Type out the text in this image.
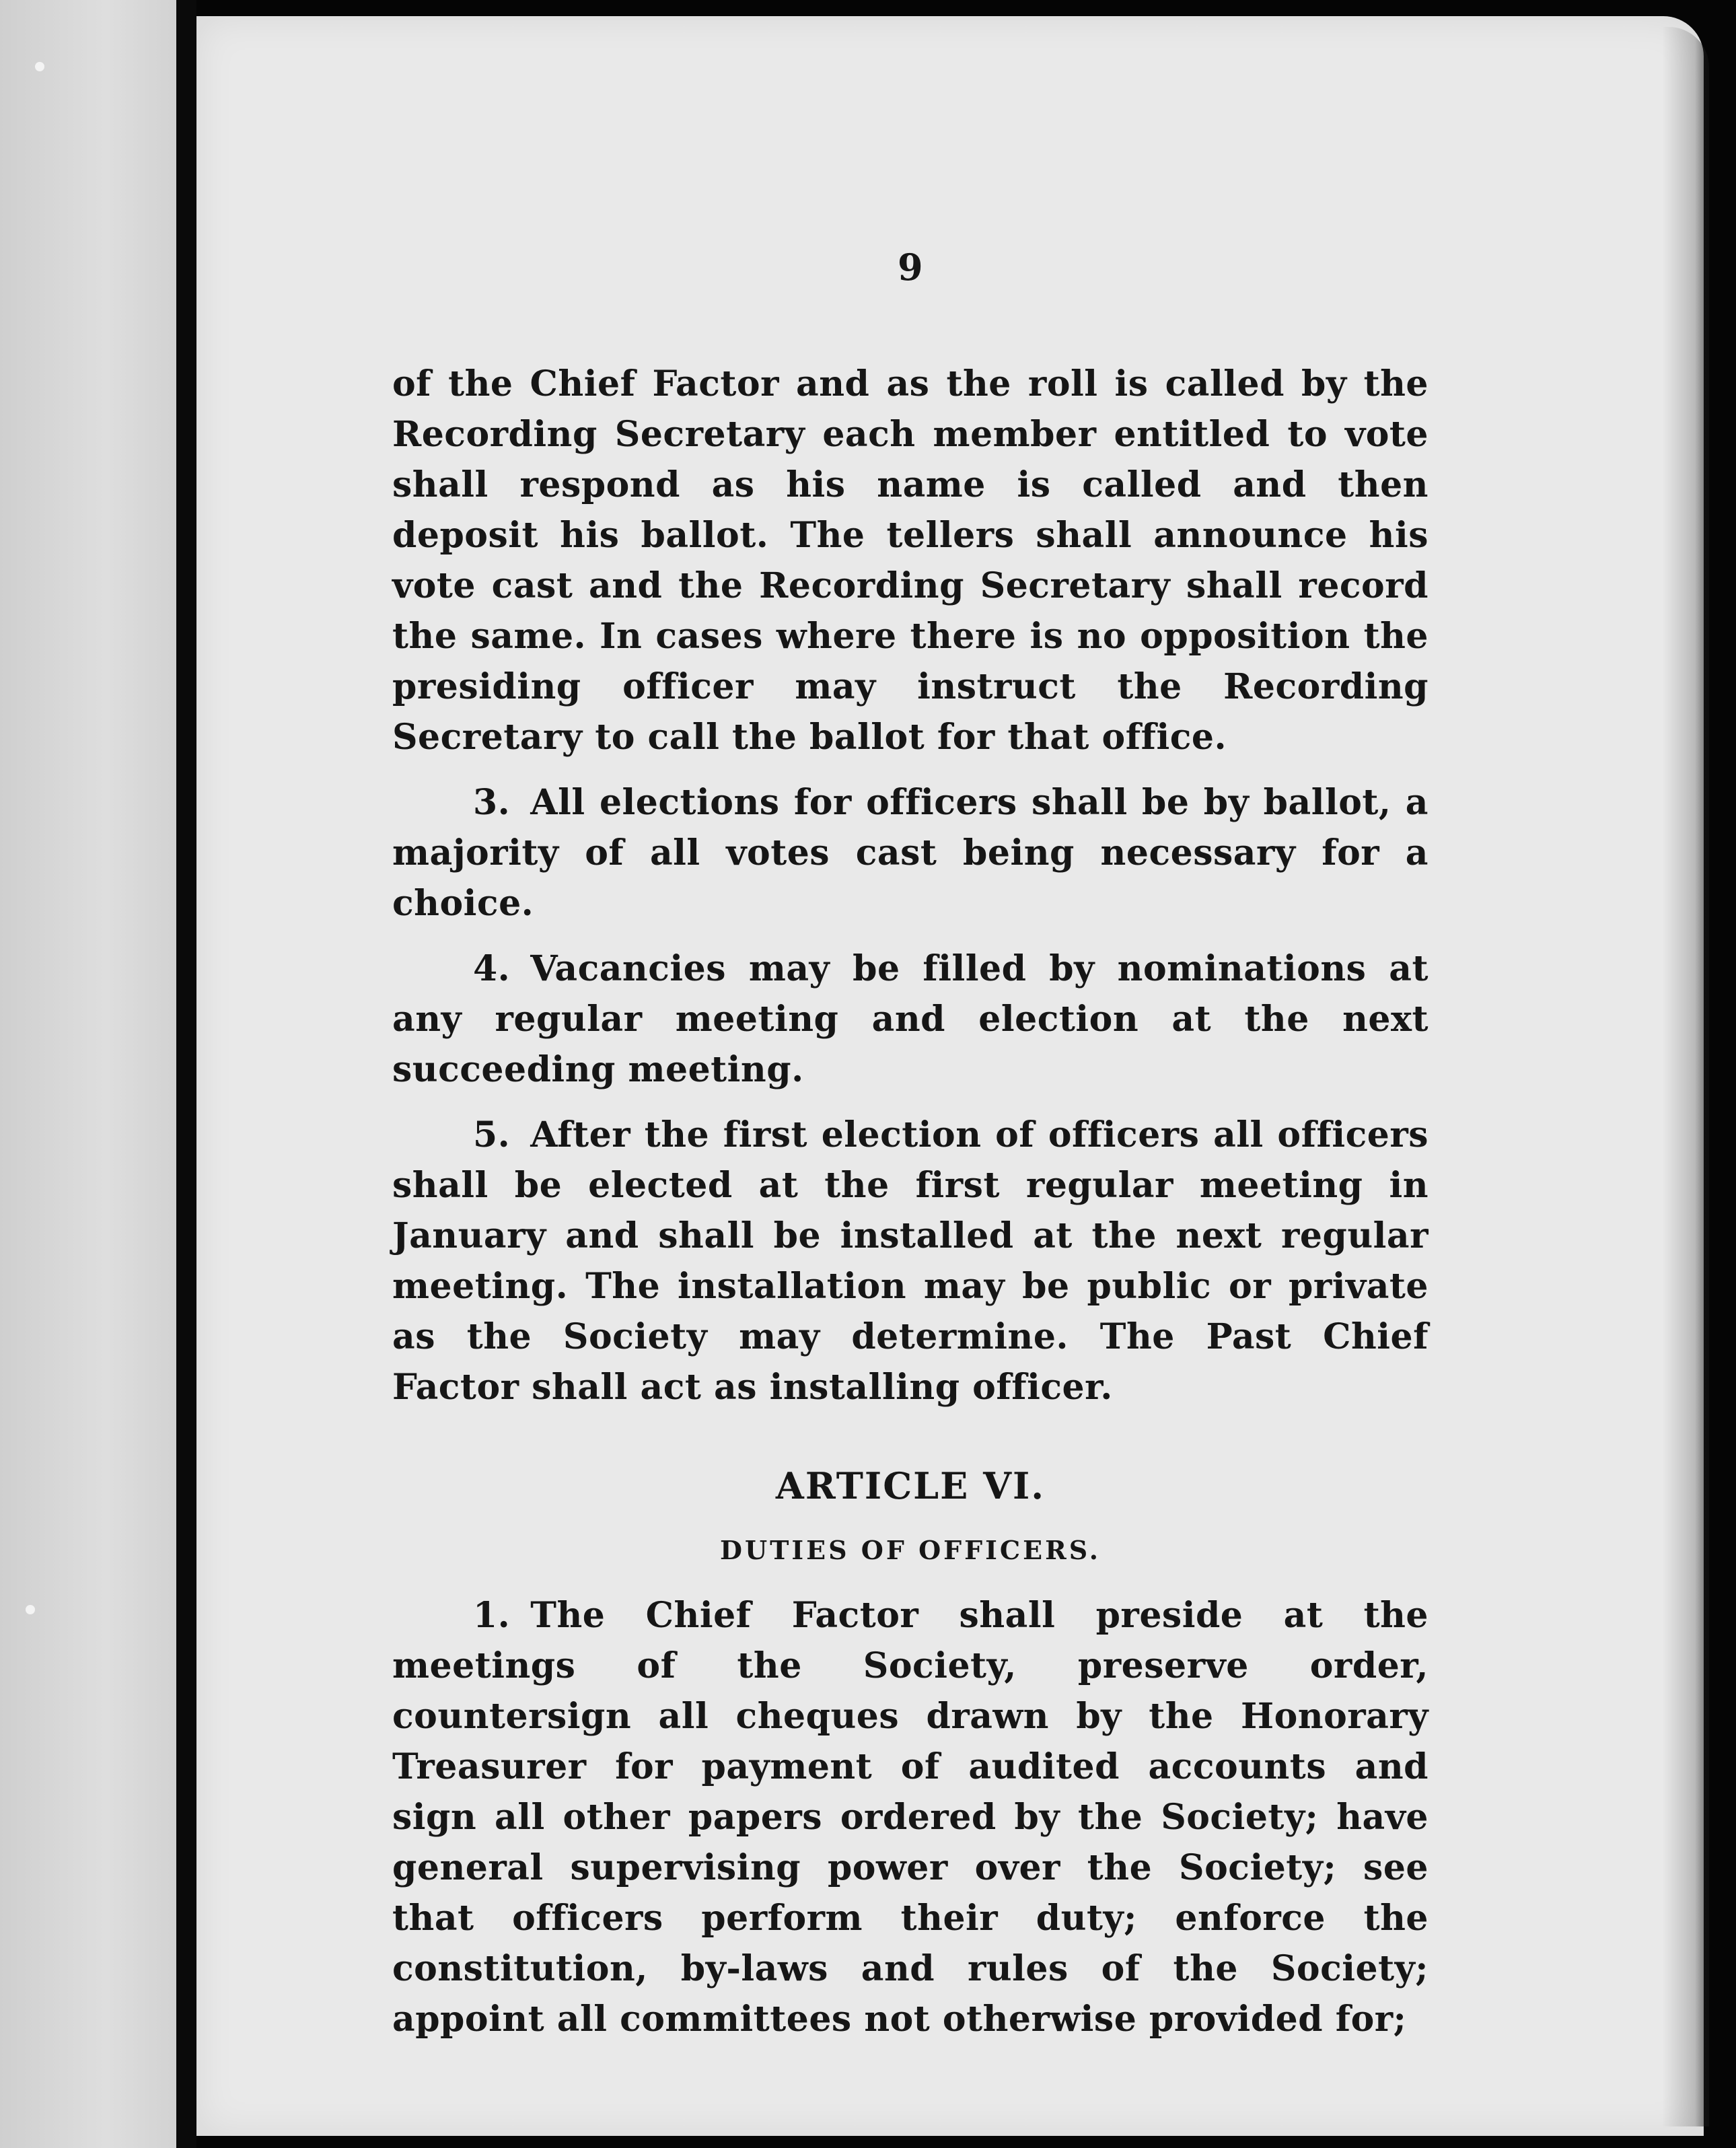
9

of the Chief Factor and as the roll is called by the Recording Secretary each member entitled to vote shall respond as his name is called and then deposit his ballot. The tellers shall announce his vote cast and the Recording Secretary shall record the same. In cases where there is no opposition the presiding officer may instruct the Recording Secretary to call the ballot for that office.

3. All elections for officers shall be by ballot, a majority of all votes cast being necessary for a choice.

4. Vacancies may be filled by nominations at any regular meeting and election at the next succeeding meeting.

5. After the first election of officers all officers shall be elected at the first regular meeting in January and shall be installed at the next regular meeting. The installation may be public or private as the Society may determine. The Past Chief Factor shall act as installing officer.

ARTICLE VI.
DUTIES OF OFFICERS.

1. The Chief Factor shall preside at the meetings of the Society, preserve order, countersign all cheques drawn by the Honorary Treasurer for payment of audited accounts and sign all other papers ordered by the Society; have general supervising power over the Society; see that officers perform their duty; enforce the constitution, by-laws and rules of the Society; appoint all committees not otherwise provided for;
